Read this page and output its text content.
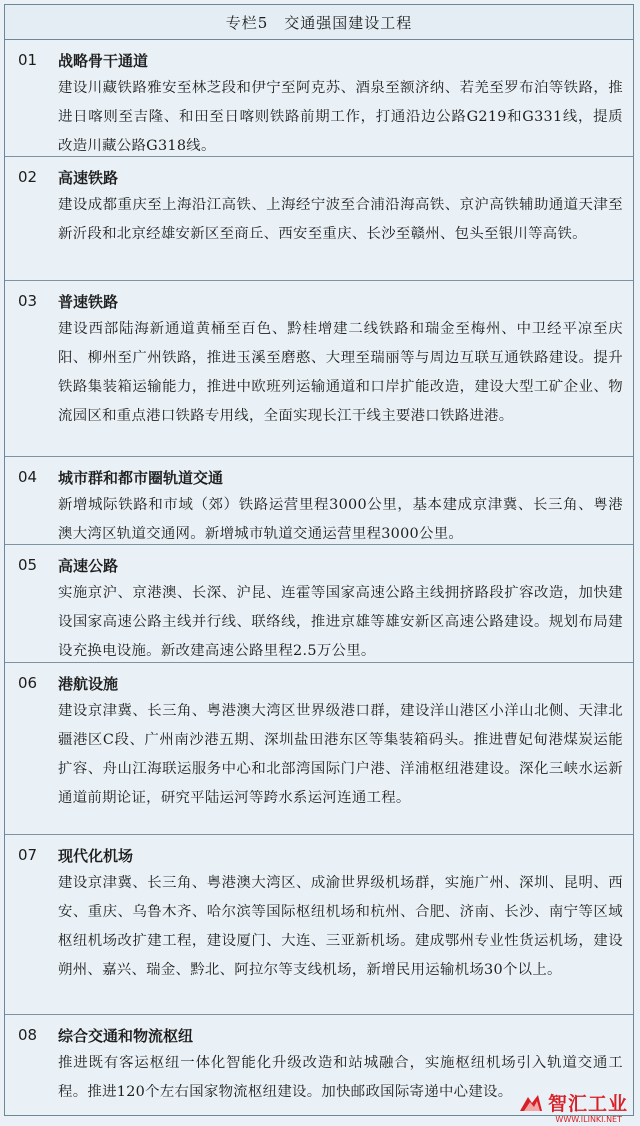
专栏5 交通强国建设工程
01	战略骨干通道
建设川藏铁路雅安至林芝段和伊宁至阿克苏、酒泉至额济纳、若羌至罗布泊等铁路，推进日喀则至吉隆、和田至日喀则铁路前期工作，打通沿边公路G219和G331线，提质改造川藏公路G318线。
02	高速铁路
建设成都重庆至上海沿江高铁、上海经宁波至合浦沿海高铁、京沪高铁辅助通道天津至新沂段和北京经雄安新区至商丘、西安至重庆、长沙至赣州、包头至银川等高铁。
03	普速铁路
建设西部陆海新通道黄桶至百色、黔桂增建二线铁路和瑞金至梅州、中卫经平凉至庆阳、柳州至广州铁路，推进玉溪至磨憨、大理至瑞丽等与周边互联互通铁路建设。提升铁路集装箱运输能力，推进中欧班列运输通道和口岸扩能改造，建设大型工矿企业、物流园区和重点港口铁路专用线，全面实现长江干线主要港口铁路进港。
04	城市群和都市圈轨道交通
新增城际铁路和市域（郊）铁路运营里程3000公里，基本建成京津冀、长三角、粤港澳大湾区轨道交通网。新增城市轨道交通运营里程3000公里。
05	高速公路
实施京沪、京港澳、长深、沪昆、连霍等国家高速公路主线拥挤路段扩容改造，加快建设国家高速公路主线并行线、联络线，推进京雄等雄安新区高速公路建设。规划布局建设充换电设施。新改建高速公路里程2.5万公里。
06	港航设施
建设京津冀、长三角、粤港澳大湾区世界级港口群，建设洋山港区小洋山北侧、天津北疆港区C段、广州南沙港五期、深圳盐田港东区等集装箱码头。推进曹妃甸港煤炭运能扩容、舟山江海联运服务中心和北部湾国际门户港、洋浦枢纽港建设。深化三峡水运新通道前期论证，研究平陆运河等跨水系运河连通工程。
07	现代化机场
建设京津冀、长三角、粤港澳大湾区、成渝世界级机场群，实施广州、深圳、昆明、西安、重庆、乌鲁木齐、哈尔滨等国际枢纽机场和杭州、合肥、济南、长沙、南宁等区域枢纽机场改扩建工程，建设厦门、大连、三亚新机场。建成鄂州专业性货运机场，建设朔州、嘉兴、瑞金、黔北、阿拉尔等支线机场，新增民用运输机场30个以上。
08	综合交通和物流枢纽
推进既有客运枢纽一体化智能化升级改造和站城融合，实施枢纽机场引入轨道交通工程。推进120个左右国家物流枢纽建设。加快邮政国际寄递中心建设。
智汇工业
WWW.ILINKI.NET
